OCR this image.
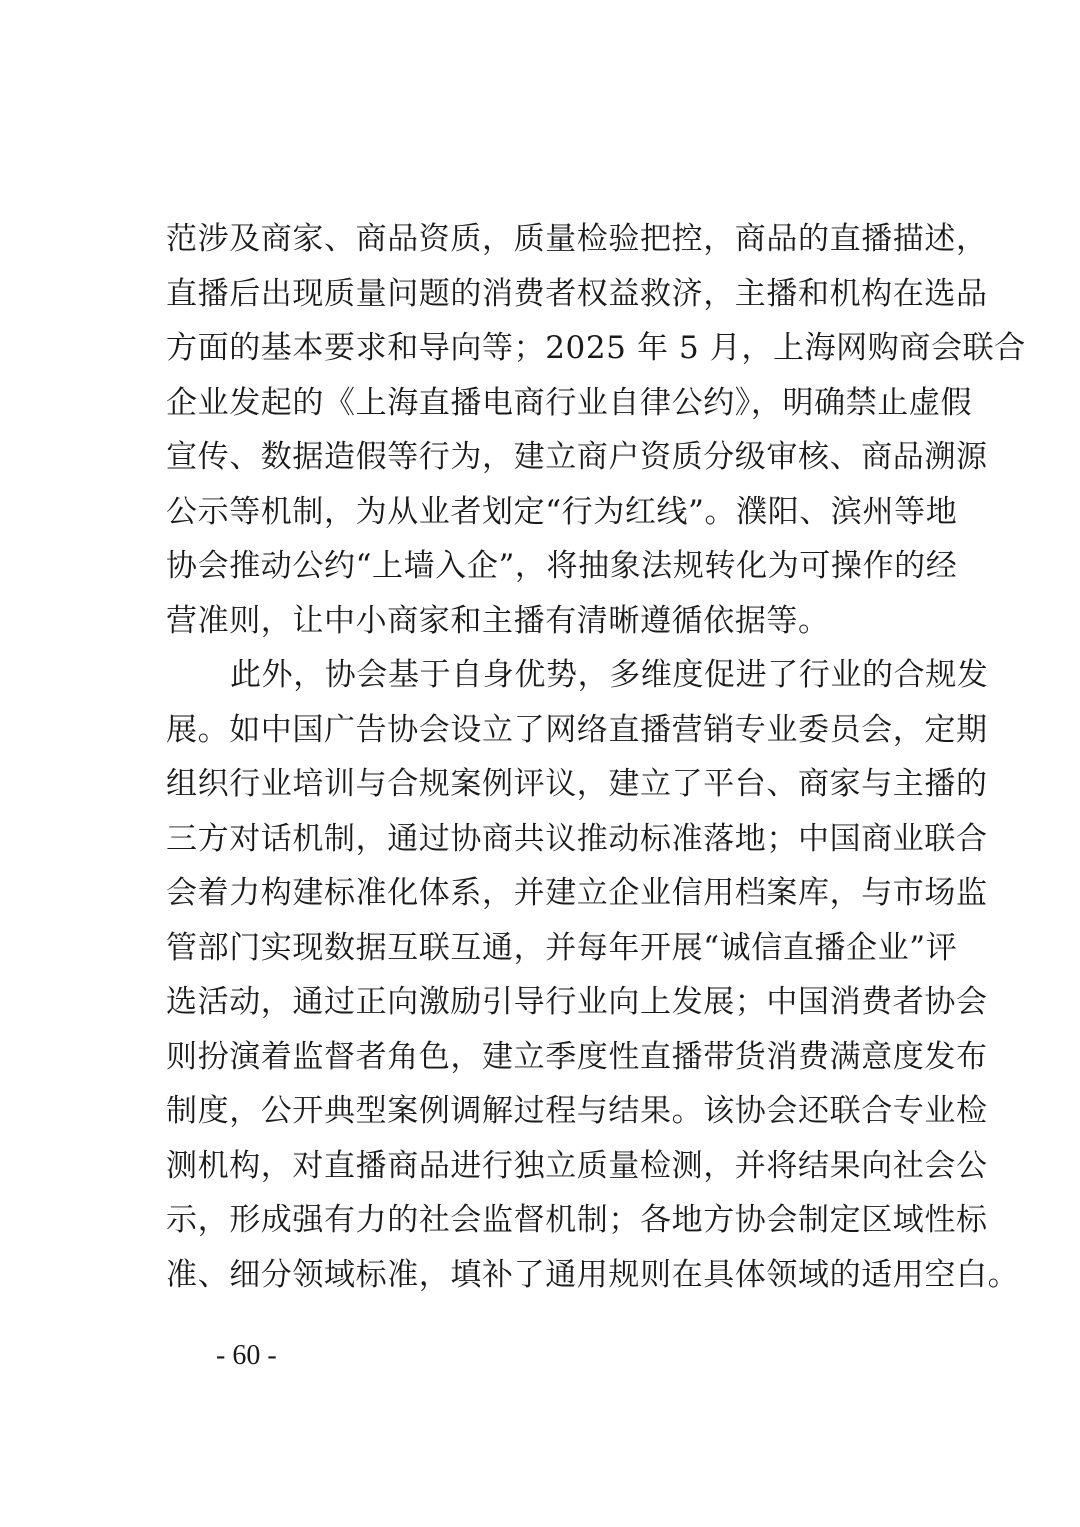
范涉及商家、商品资质，质量检验把控，商品的直播描述，
直播后出现质量问题的消费者权益救济，主播和机构在选品
方面的基本要求和导向等；2025 年 5 月，上海网购商会联合
企业发起的《上海直播电商行业自律公约》，明确禁止虚假
宣传、数据造假等行为，建立商户资质分级审核、商品溯源
公示等机制，为从业者划定“行为红线”。濮阳、滨州等地
协会推动公约“上墙入企”，将抽象法规转化为可操作的经
营准则，让中小商家和主播有清晰遵循依据等。
此外，协会基于自身优势，多维度促进了行业的合规发
展。如中国广告协会设立了网络直播营销专业委员会，定期
组织行业培训与合规案例评议，建立了平台、商家与主播的
三方对话机制，通过协商共议推动标准落地；中国商业联合
会着力构建标准化体系，并建立企业信用档案库，与市场监
管部门实现数据互联互通，并每年开展“诚信直播企业”评
选活动，通过正向激励引导行业向上发展；中国消费者协会
则扮演着监督者角色，建立季度性直播带货消费满意度发布
制度，公开典型案例调解过程与结果。该协会还联合专业检
测机构，对直播商品进行独立质量检测，并将结果向社会公
示，形成强有力的社会监督机制；各地方协会制定区域性标
准、细分领域标准，填补了通用规则在具体领域的适用空白。
- 60 -
